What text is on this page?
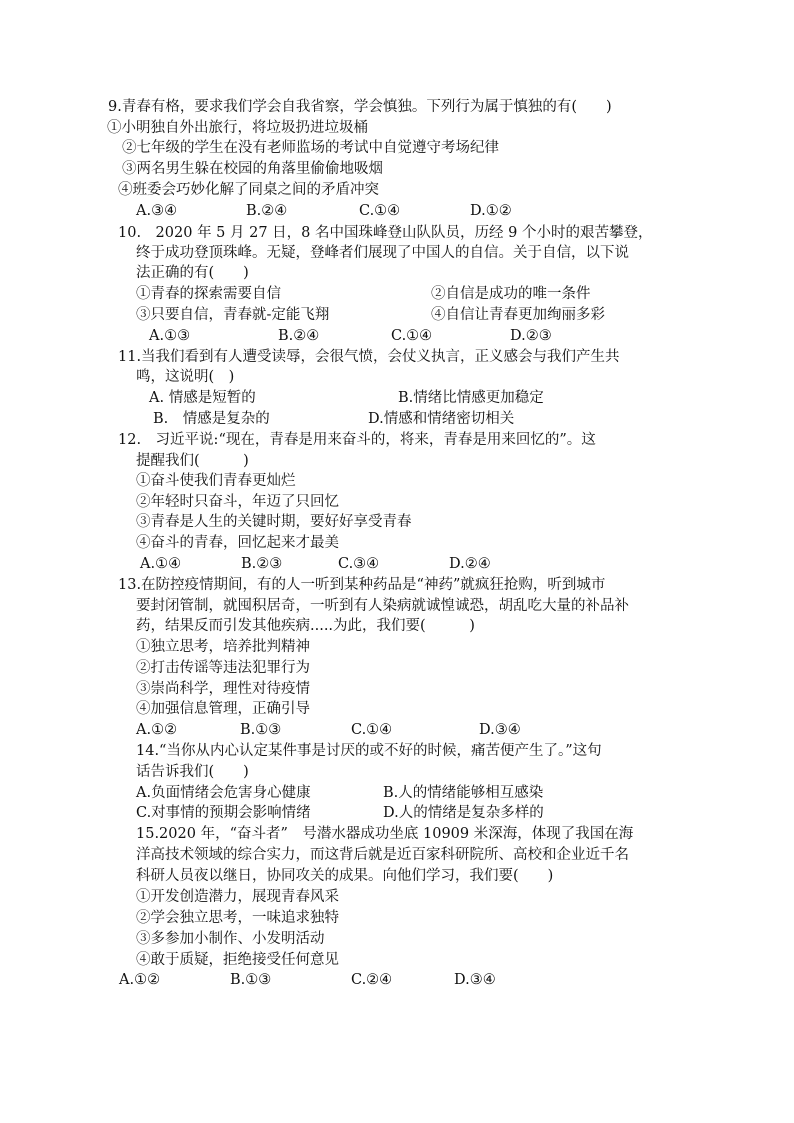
9.青春有格，要求我们学会自我省察，学会慎独。下列行为属于慎独的有(　　)
①小明独自外出旅行，将垃圾扔进垃圾桶
②七年级的学生在没有老师监场的考试中自觉遵守考场纪律
③两名男生躲在校园的角落里偷偷地吸烟
④班委会巧妙化解了同桌之间的矛盾冲突
A.③④	B.②④	C.①④	D.①②
10.　2020 年 5 月 27 日，8 名中国珠峰登山队队员，历经 9 个小时的艰苦攀登，
终于成功登顶珠峰。无疑，登峰者们展现了中国人的自信。关于自信，以下说
法正确的有(　　)
①青春的探索需要自信	②自信是成功的唯一条件
③只要自信，青春就-定能飞翔	④自信让青春更加绚丽多彩
A.①③	B.②④	C.①④	D.②③
11.当我们看到有人遭受读辱，会很气愤，会仗义执言，正义感会与我们产生共
鸣，这说明(　)
A. 情感是短暂的	B.情绪比情感更加稳定
B.　情感是复杂的	D.情感和情绪密切相关
12.　习近平说:“现在，青春是用来奋斗的，将来，青春是用来回忆的”。这
提醒我们(　　　)
①奋斗使我们青春更灿烂
②年轻时只奋斗，年迈了只回忆
③青春是人生的关键时期，要好好享受青春
④奋斗的青春，回忆起来才最美
A.①④	B.②③	C.③④	D.②④
13.在防控疫情期间，有的人一听到某种药品是“神药”就疯狂抢购，听到城市
要封闭管制，就囤积居奇，一听到有人染病就诚惶诚恐，胡乱吃大量的补品补
药，结果反而引发其他疾病.....为此，我们要(　　　)
①独立思考，培养批判精神
②打击传谣等违法犯罪行为
③崇尚科学，理性对待疫情
④加强信息管理，正确引导
A.①②	B.①③	C.①④	D.③④
14.“当你从内心认定某件事是讨厌的或不好的时候，痛苦便产生了。”这句
话告诉我们(　　)
A.负面情绪会危害身心健康	B.人的情绪能够相互感染
C.对事情的预期会影响情绪	D.人的情绪是复杂多样的
15.2020 年，“奋斗者”　号潜水器成功坐底 10909 米深海，体现了我国在海
洋高技术领域的综合实力，而这背后就是近百家科研院所、高校和企业近千名
科研人员夜以继日，协同攻关的成果。向他们学习，我们要(　　)
①开发创造潜力，展现青春风采
②学会独立思考，一味追求独特
③多参加小制作、小发明活动
④敢于质疑，拒绝接受任何意见
A.①②	B.①③	C.②④	D.③④
